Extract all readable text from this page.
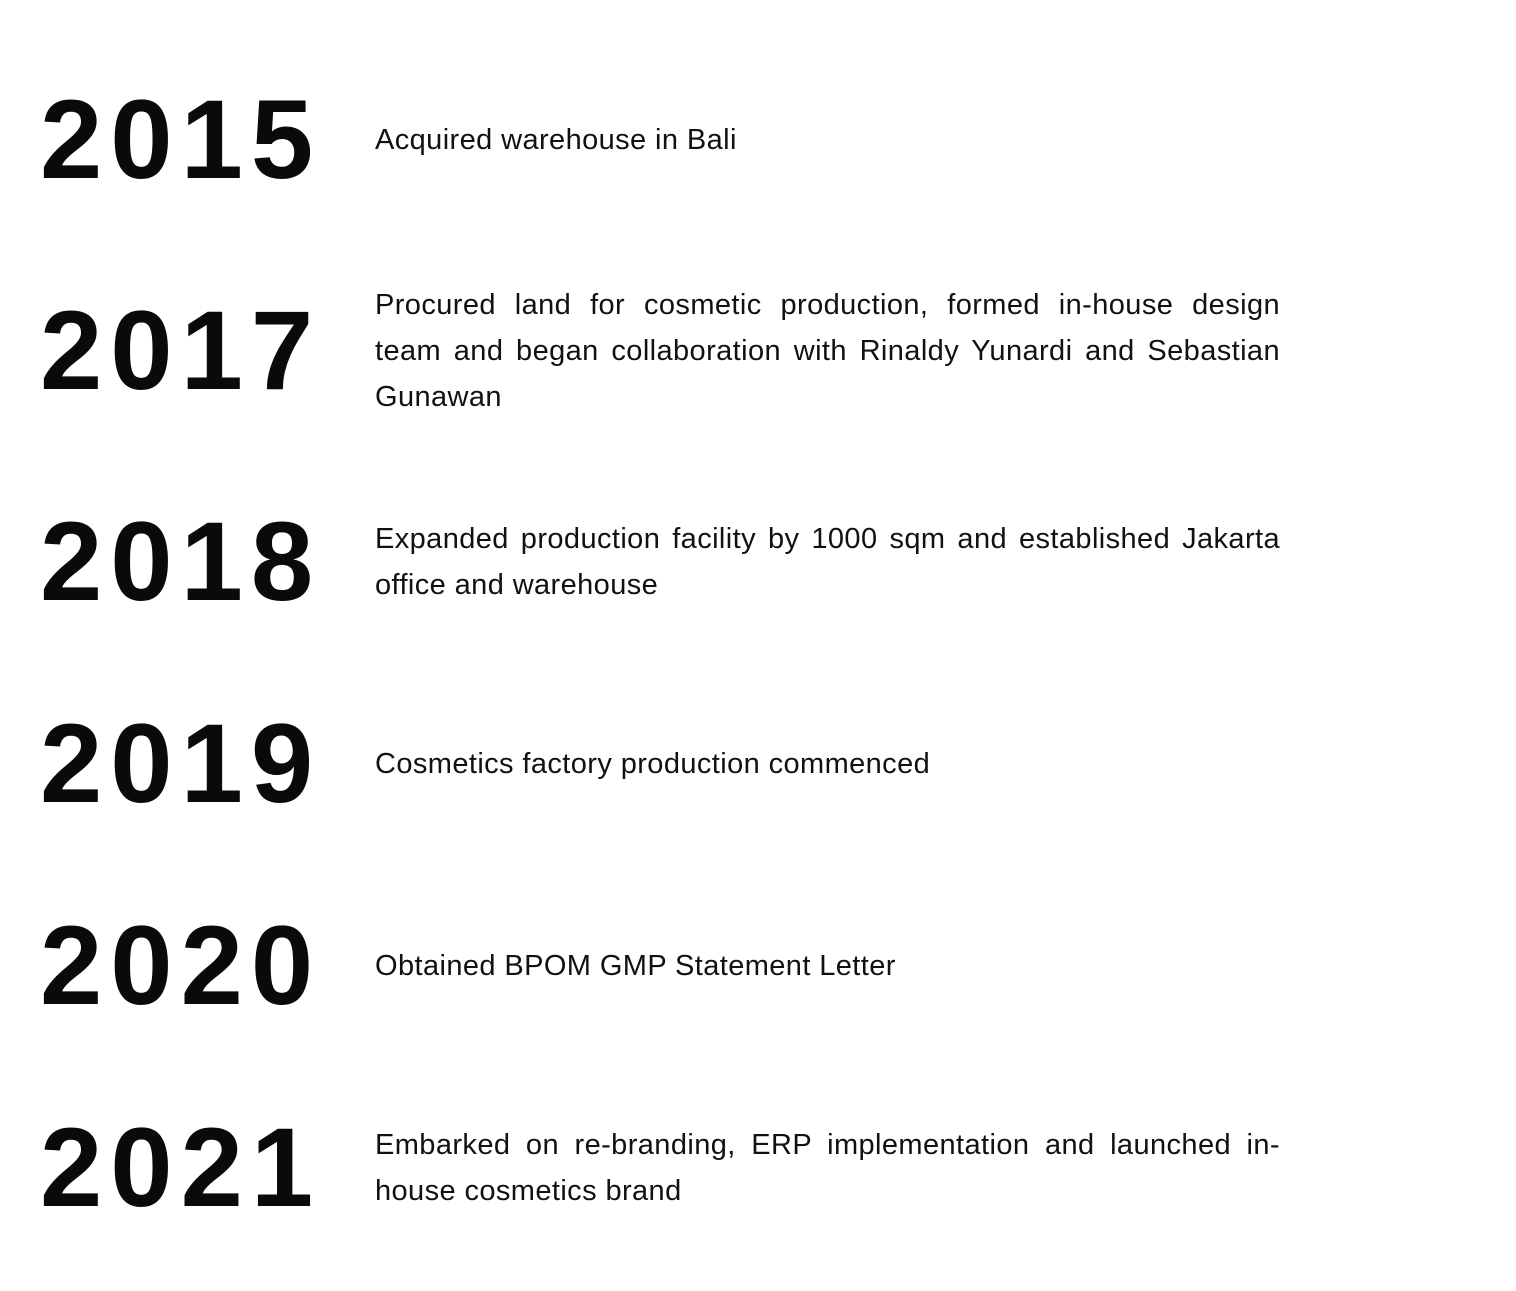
2015	Acquired warehouse in Bali

2017	Procured land for cosmetic production, formed in-house design team and began collaboration with Rinaldy Yunardi and Sebastian Gunawan

2018	Expanded production facility by 1000 sqm and established Jakarta office and warehouse

2019	Cosmetics factory production commenced

2020	Obtained BPOM GMP Statement Letter

2021	Embarked on re-branding, ERP implementation and launched in-house cosmetics brand
